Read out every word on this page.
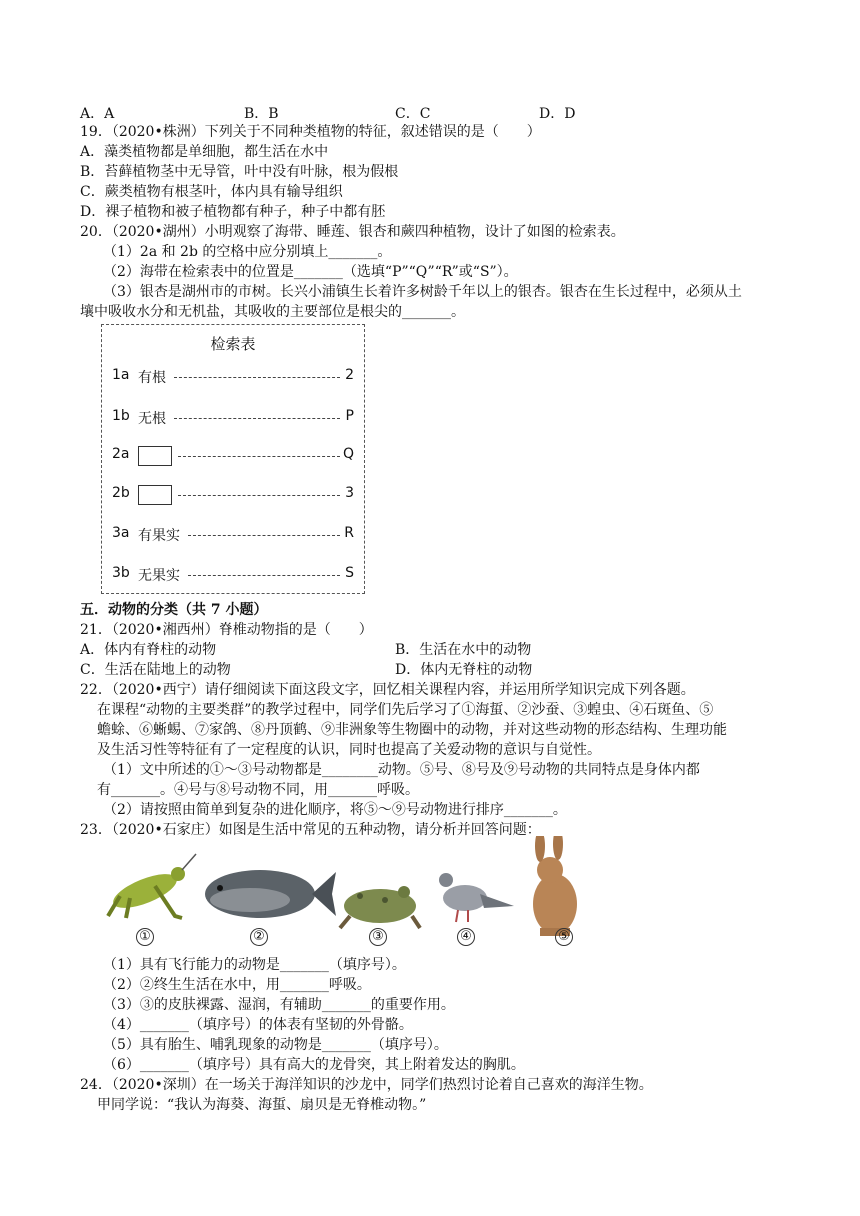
A．A	B．B	C．C	D．D
19．（2020•株洲）下列关于不同种类植物的特征，叙述错误的是（　　）
A．藻类植物都是单细胞，都生活在水中
B．苔藓植物茎中无导管，叶中没有叶脉，根为假根
C．蕨类植物有根茎叶，体内具有输导组织
D．裸子植物和被子植物都有种子，种子中都有胚
20．（2020•湖州）小明观察了海带、睡莲、银杏和蕨四种植物，设计了如图的检索表。
（1）2a 和 2b 的空格中应分别填上_______。
（2）海带在检索表中的位置是_______（选填“P”“Q”“R”或“S”）。
（3）银杏是湖州市的市树。长兴小浦镇生长着许多树龄千年以上的银杏。银杏在生长过程中，必须从土
壤中吸收水分和无机盐，其吸收的主要部位是根尖的_______。
检索表
1a 有根	2
1b 无根	P
2a	Q
2b	3
3a 有果实	R
3b 无果实	S
五．动物的分类（共 7 小题）
21．（2020•湘西州）脊椎动物指的是（　　）
A．体内有脊柱的动物	B．生活在水中的动物
C．生活在陆地上的动物	D．体内无脊柱的动物
22．（2020•西宁）请仔细阅读下面这段文字，回忆相关课程内容，并运用所学知识完成下列各题。
在课程“动物的主要类群”的教学过程中，同学们先后学习了①海蜇、②沙蚕、③蝗虫、④石斑鱼、⑤
蟾蜍、⑥蜥蜴、⑦家鸽、⑧丹顶鹤、⑨非洲象等生物圈中的动物，并对这些动物的形态结构、生理功能
及生活习性等特征有了一定程度的认识，同时也提高了关爱动物的意识与自觉性。
（1）文中所述的①～③号动物都是________动物。⑤号、⑧号及⑨号动物的共同特点是身体内都
有_______。④号与⑧号动物不同，用_______呼吸。
（2）请按照由简单到复杂的进化顺序，将⑤～⑨号动物进行排序_______。
23．（2020•石家庄）如图是生活中常见的五种动物，请分析并回答问题：
①	②	③	④	⑤
（1）具有飞行能力的动物是_______（填序号）。
（2）②终生生活在水中，用_______呼吸。
（3）③的皮肤裸露、湿润，有辅助_______的重要作用。
（4）_______（填序号）的体表有坚韧的外骨骼。
（5）具有胎生、哺乳现象的动物是_______（填序号）。
（6）_______（填序号）具有高大的龙骨突，其上附着发达的胸肌。
24．（2020•深圳）在一场关于海洋知识的沙龙中，同学们热烈讨论着自己喜欢的海洋生物。
甲同学说：“我认为海葵、海蜇、扇贝是无脊椎动物。”
